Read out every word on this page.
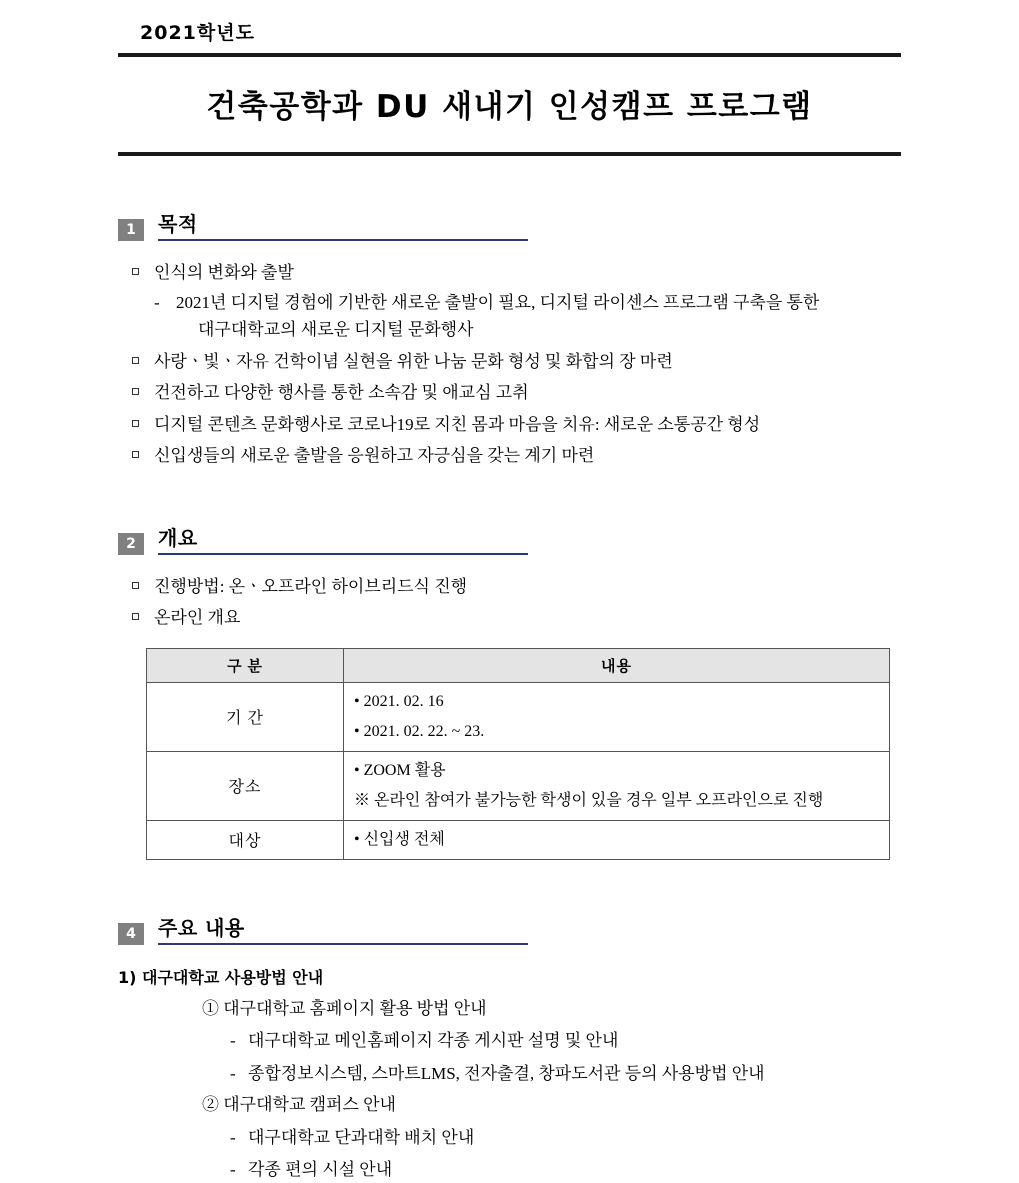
2021학년도
건축공학과 DU 새내기 인성캠프 프로그램
1	목적
인식의 변화와 출발
- 2021년 디지털 경험에 기반한 새로운 출발이 필요, 디지털 라이센스 프로그램 구축을 통한
대구대학교의 새로운 디지털 문화행사
사랑ㆍ빛ㆍ자유 건학이념 실현을 위한 나눔 문화 형성 및 화합의 장 마련
건전하고 다양한 행사를 통한 소속감 및 애교심 고취
디지털 콘텐츠 문화행사로 코로나19로 지친 몸과 마음을 치유: 새로운 소통공간 형성
신입생들의 새로운 출발을 응원하고 자긍심을 갖는 계기 마련
2	개요
진행방법: 온ㆍ오프라인 하이브리드식 진행
온라인 개요
구 분	내용
기 간	• 2021. 02. 16

• 2021. 02. 22. ~ 23.

장소	• ZOOM 활용

※ 온라인 참여가 불가능한 학생이 있을 경우 일부 오프라인으로 진행

대상	• 신입생 전체

4	주요 내용
1) 대구대학교 사용방법 안내
① 대구대학교 홈페이지 활용 방법 안내
- 대구대학교 메인홈페이지 각종 게시판 설명 및 안내
- 종합정보시스템, 스마트LMS, 전자출결, 창파도서관 등의 사용방법 안내
② 대구대학교 캠퍼스 안내
- 대구대학교 단과대학 배치 안내
- 각종 편의 시설 안내
